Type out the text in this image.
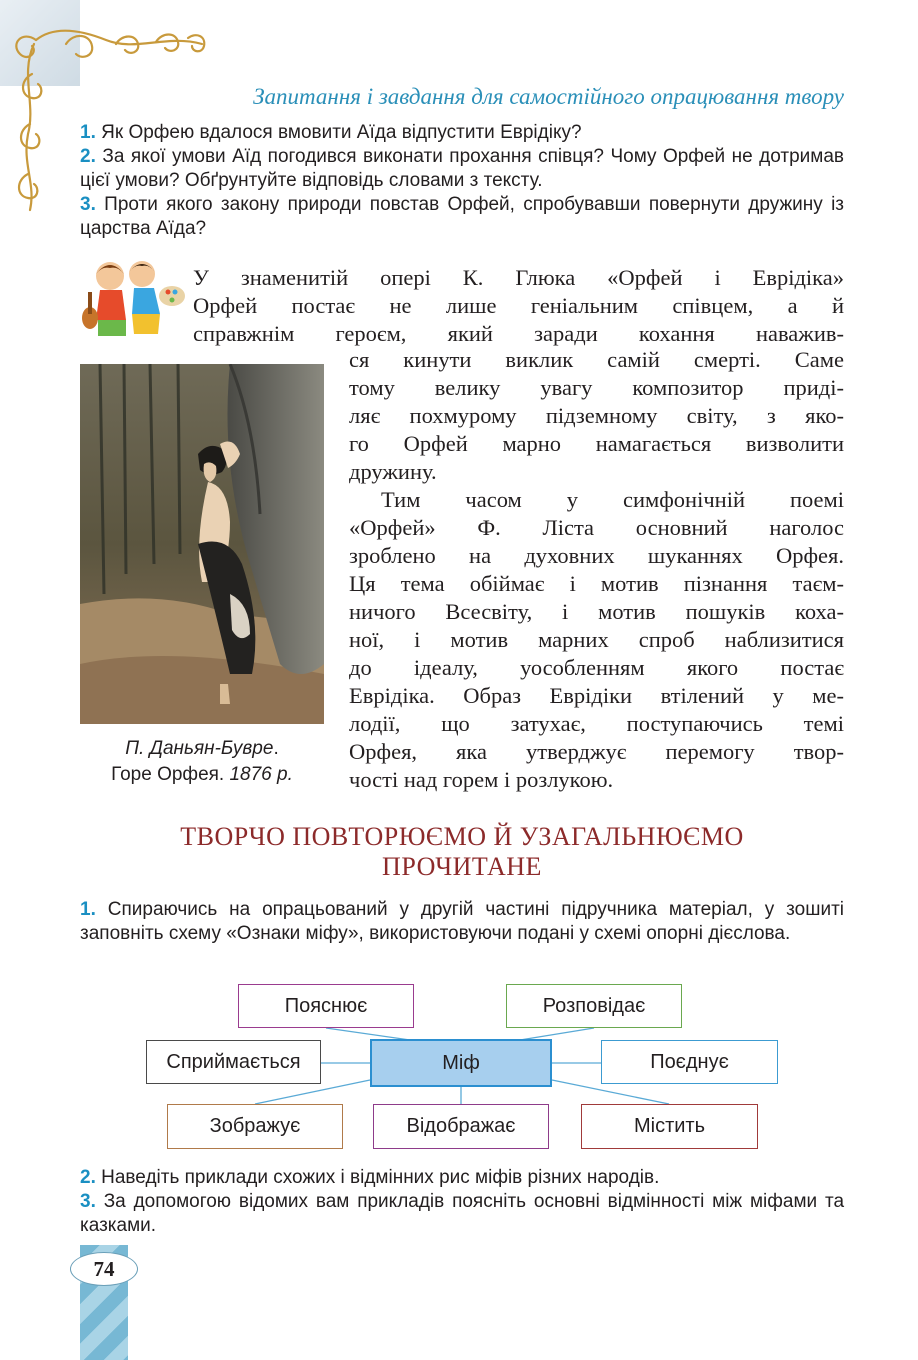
Запитання і завдання для самостійного опрацювання твору

1. Як Орфею вдалося вмовити Аїда відпустити Еврідіку?

2. За якої умови Аїд погодився виконати прохання співця? Чому Орфей не дотримав цієї умови? Обґрунтуйте відповідь словами з тексту.

3. Проти якого закону природи повстав Орфей, спробувавши повернути дружину із царства Аїда?

У знаменитій опері К. Глюка «Орфей і Еврідіка»
Орфей постає не лише геніальним співцем, а й
справжнім героєм, який заради кохання наважив-
П. Даньян-Бувре.
Горе Орфея. 1876 р.
ся кинути виклик самій смерті. Саме
тому велику увагу композитор приді-
ляє похмурому підземному світу, з яко-
го Орфей марно намагається визволити
дружину.
Тим часом у симфонічній поемі
«Орфей» Ф. Ліста основний наголос
зроблено на духовних шуканнях Орфея.
Ця тема обіймає і мотив пізнання таєм-
ничого Всесвіту, і мотив пошуків коха-
ної, і мотив марних спроб наблизитися
до ідеалу, уособленням якого постає
Еврідіка. Образ Еврідіки втілений у ме-
лодії, що затухає, поступаючись темі
Орфея, яка утверджує перемогу твор-
чості над горем і розлукою.
ТВОРЧО ПОВТОРЮЄМО Й УЗАГАЛЬНЮЄМО
ПРОЧИТАНЕ
1. Спираючись на опрацьований у другій частині підручника матеріал, у зошиті заповніть схему «Ознаки міфу», використовуючи подані у схемі опорні дієслова.
Пояснює	Розповідає
Сприймається	Міф	Поєднує
Зображує	Відображає	Містить

2. Наведіть приклади схожих і відмінних рис міфів різних народів.

3. За допомогою відомих вам прикладів поясніть основні відмінності між міфами та казками.

74
